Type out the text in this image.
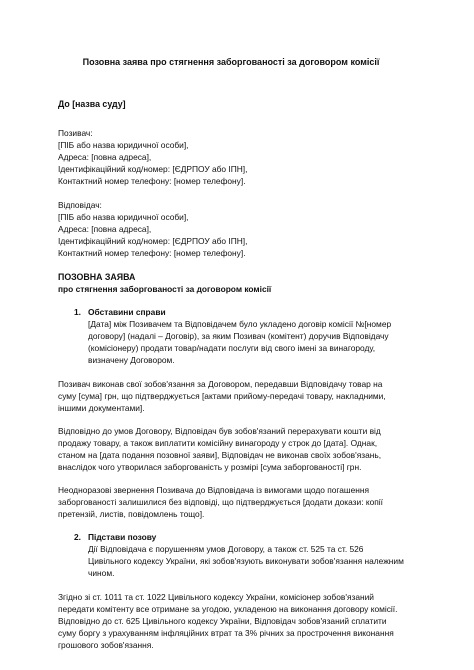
Позовна заява про стягнення заборгованості за договором комісії
До [назва суду]
Позивач:
[ПІБ або назва юридичної особи],
Адреса: [повна адреса],
Ідентифікаційний код/номер: [ЄДРПОУ або ІПН],
Контактний номер телефону: [номер телефону].
Відповідач:
[ПІБ або назва юридичної особи],
Адреса: [повна адреса],
Ідентифікаційний код/номер: [ЄДРПОУ або ІПН],
Контактний номер телефону: [номер телефону].
ПОЗОВНА ЗАЯВА
про стягнення заборгованості за договором комісії
1. Обставини справи
[Дата] між Позивачем та Відповідачем було укладено договір комісії №[номер
договору] (надалі – Договір), за яким Позивач (комітент) доручив Відповідачу
(комісіонеру) продати товар/надати послуги від свого імені за винагороду,
визначену Договором.

Позивач виконав свої зобов'язання за Договором, передавши Відповідачу товар на
суму [сума] грн, що підтверджується [актами прийому-передачі товару, накладними,
іншими документами].

Відповідно до умов Договору, Відповідач був зобов'язаний перерахувати кошти від
продажу товару, а також виплатити комісійну винагороду у строк до [дата]. Однак,
станом на [дата подання позовної заяви], Відповідач не виконав своїх зобов'язань,
внаслідок чого утворилася заборгованість у розмірі [сума заборгованості] грн.

Неодноразові звернення Позивача до Відповідача із вимогами щодо погашення
заборгованості залишилися без відповіді, що підтверджується [додати докази: копії
претензій, листів, повідомлень тощо].

2. Підстави позову
Дії Відповідача є порушенням умов Договору, а також ст. 525 та ст. 526
Цивільного кодексу України, які зобов'язують виконувати зобов'язання належним
чином.

Згідно зі ст. 1011 та ст. 1022 Цивільного кодексу України, комісіонер зобов'язаний
передати комітенту все отримане за угодою, укладеною на виконання договору комісії.
Відповідно до ст. 625 Цивільного кодексу України, Відповідач зобов'язаний сплатити
суму боргу з урахуванням інфляційних втрат та 3% річних за прострочення виконання
грошового зобов'язання.
